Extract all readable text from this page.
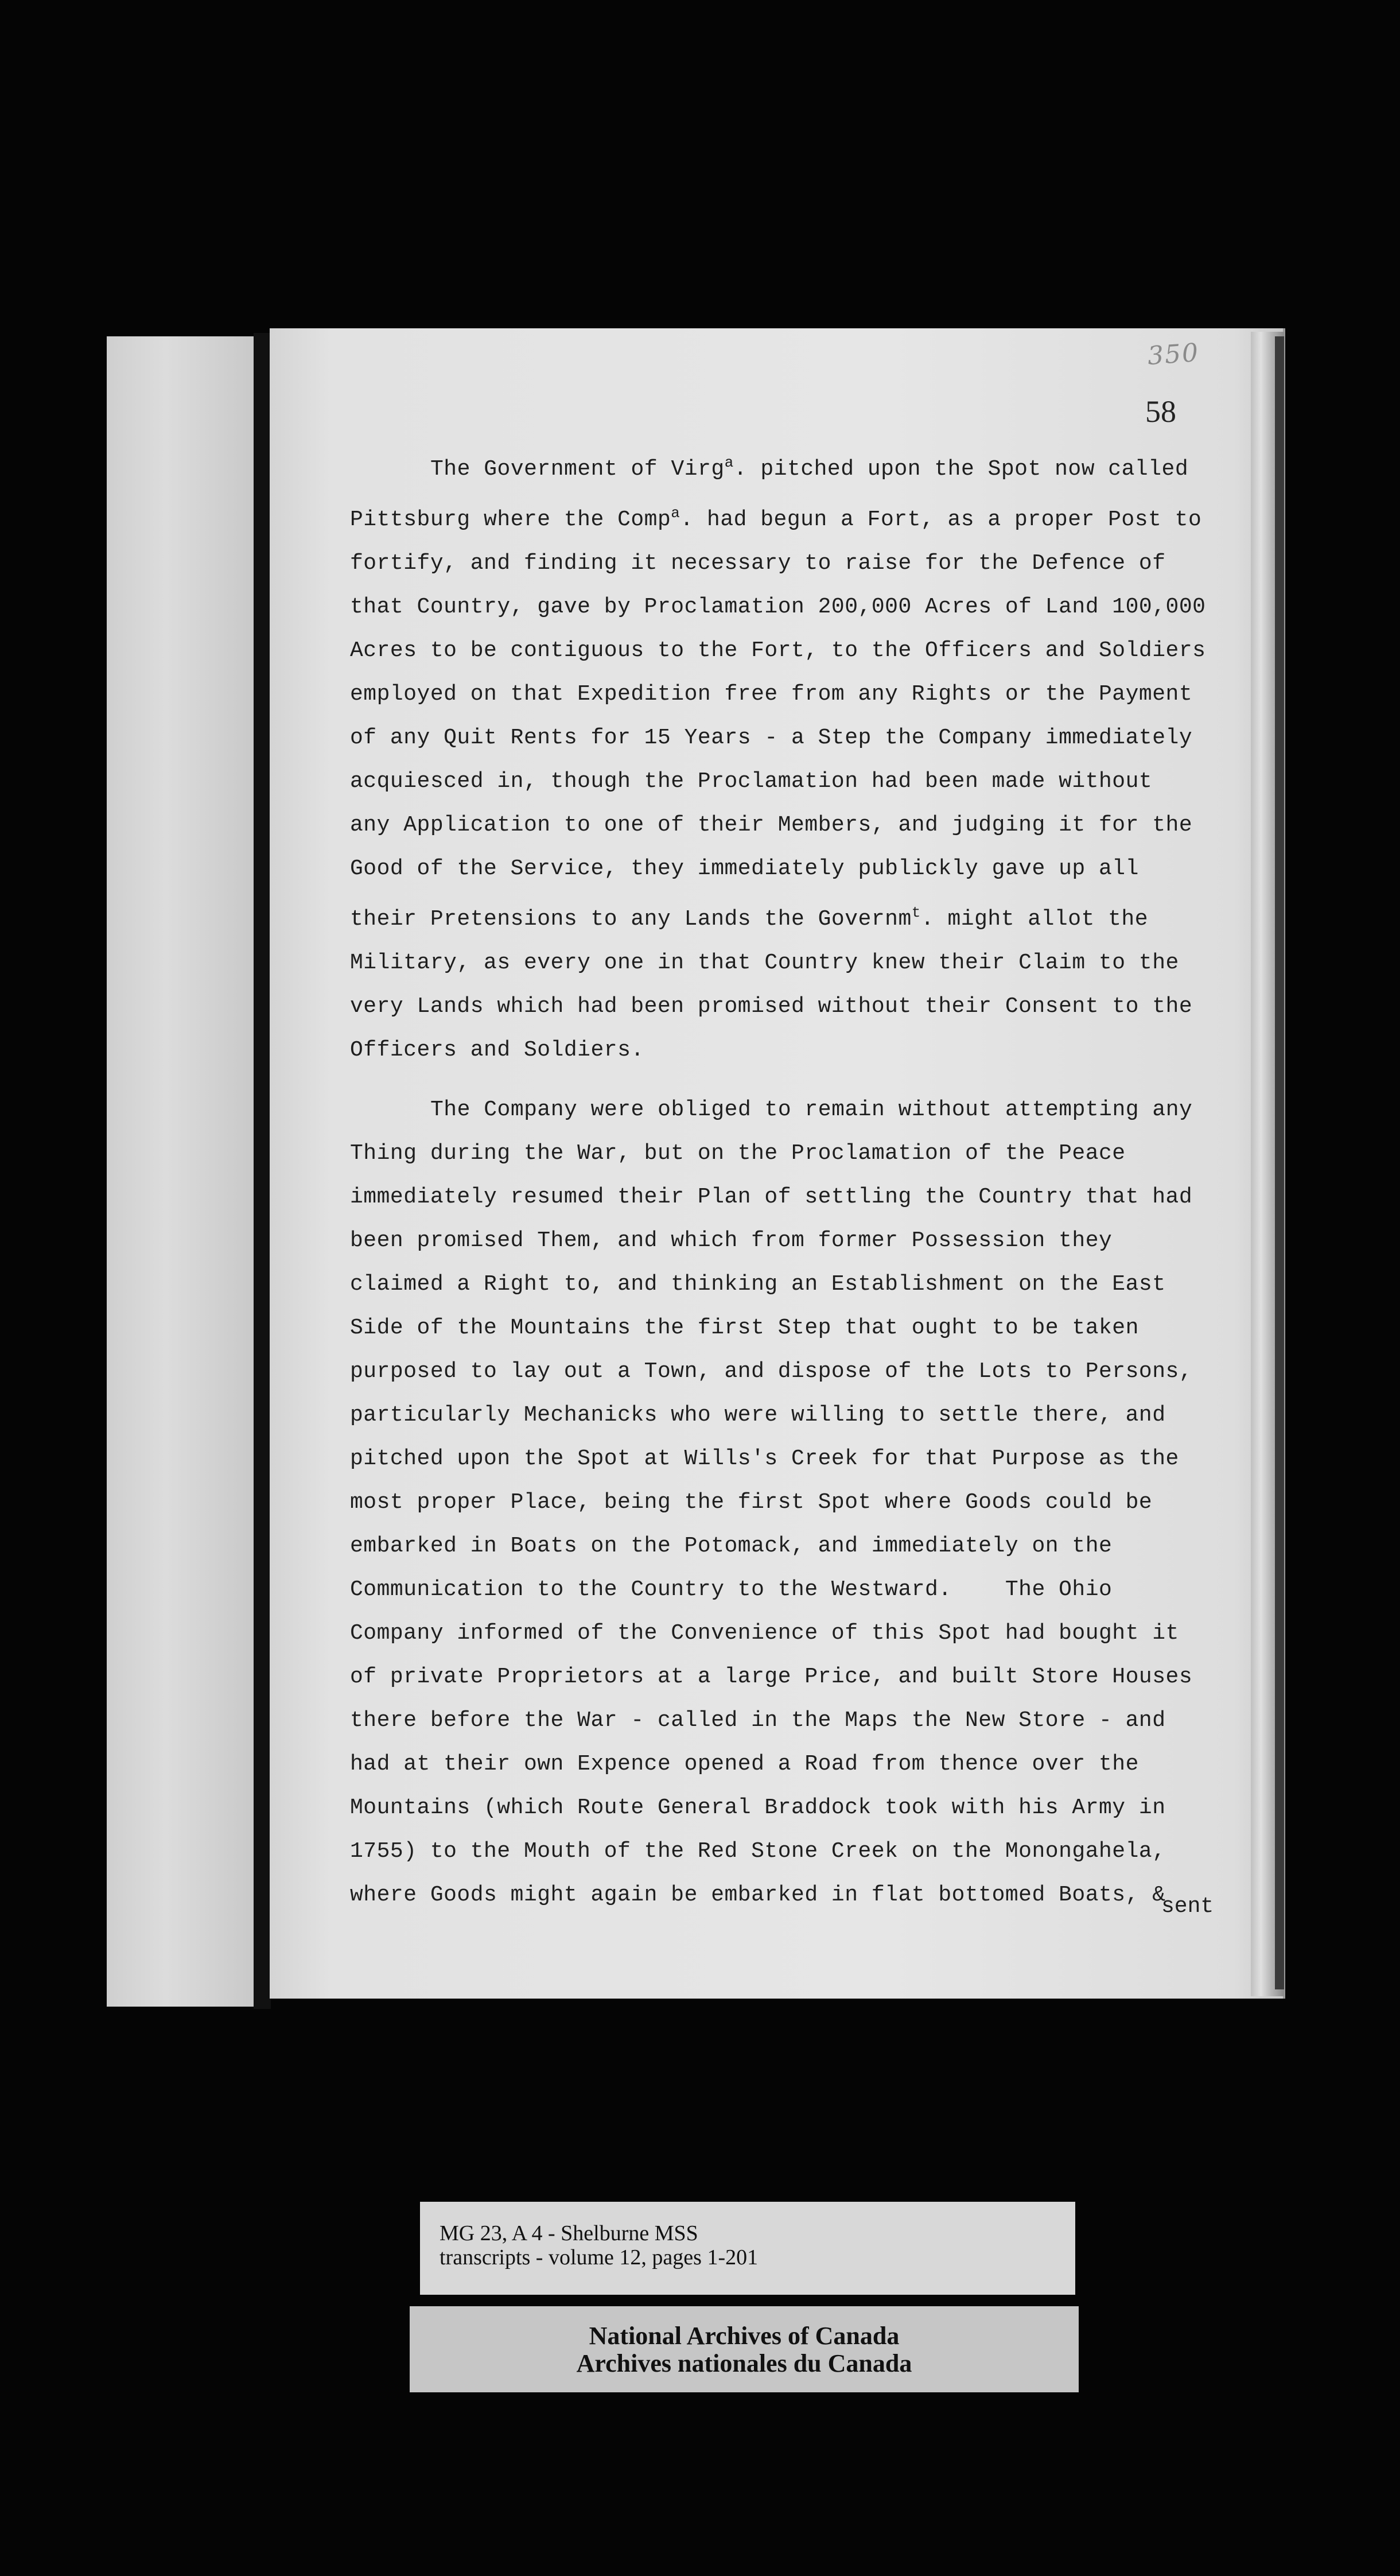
350
58

The Government of Virg$^a$. pitched upon the Spot now called
Pittsburg where the Comp$^a$. had begun a Fort, as a proper Post to
fortify, and finding it necessary to raise for the Defence of
that Country, gave by Proclamation 200,000 Acres of Land 100,000
Acres to be contiguous to the Fort, to the Officers and Soldiers
employed on that Expedition free from any Rights or the Payment
of any Quit Rents for 15 Years - a Step the Company immediately
acquiesced in, though the Proclamation had been made without
any Application to one of their Members, and judging it for the
Good of the Service, they immediately publickly gave up all
their Pretensions to any Lands the Governm$^t$. might allot the
Military, as every one in that Country knew their Claim to the
very Lands which had been promised without their Consent to the
Officers and Soldiers.

The Company were obliged to remain without attempting any
Thing during the War, but on the Proclamation of the Peace
immediately resumed their Plan of settling the Country that had
been promised Them, and which from former Possession they
claimed a Right to, and thinking an Establishment on the East
Side of the Mountains the first Step that ought to be taken
purposed to lay out a Town, and dispose of the Lots to Persons,
particularly Mechanicks who were willing to settle there, and
pitched upon the Spot at Wills's Creek for that Purpose as the
most proper Place, being the first Spot where Goods could be
embarked in Boats on the Potomack, and immediately on the
Communication to the Country to the Westward.    The Ohio
Company informed of the Convenience of this Spot had bought it
of private Proprietors at a large Price, and built Store Houses
there before the War - called in the Maps the New Store - and
had at their own Expence opened a Road from thence over the
Mountains (which Route General Braddock took with his Army in
1755) to the Mouth of the Red Stone Creek on the Monongahela,
where Goods might again be embarked in flat bottomed Boats, &

sent
MG 23, A 4 - Shelburne MSS
transcripts - volume 12, pages 1-201
National Archives of Canada
Archives nationales du Canada
